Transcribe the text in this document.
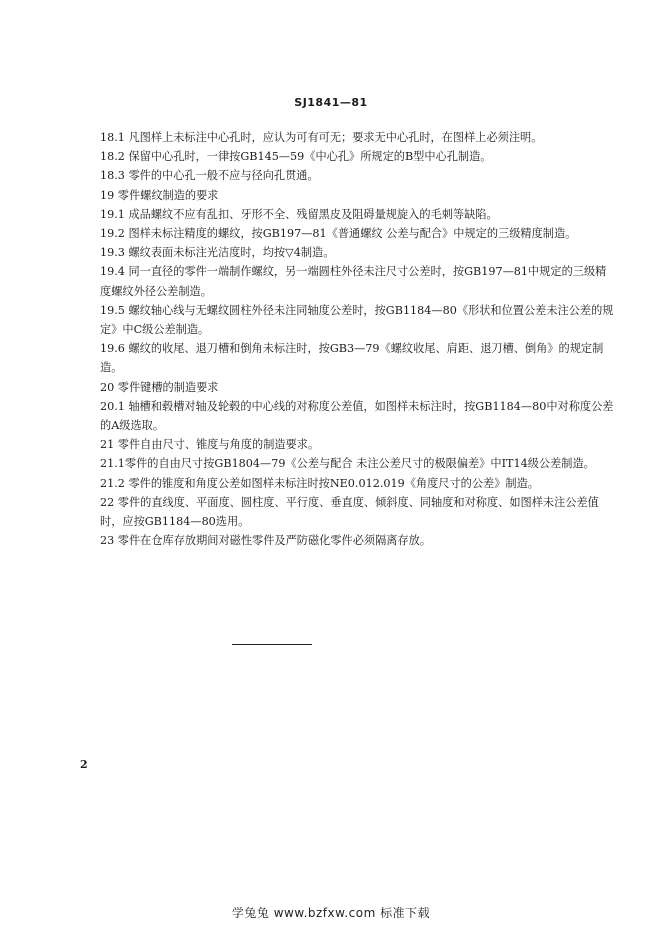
SJ1841—81

18.1 凡图样上未标注中心孔时，应认为可有可无；要求无中心孔时，在图样上必须注明。

18.2 保留中心孔时，一律按GB145—59《中心孔》所规定的B型中心孔制造。

18.3 零件的中心孔一般不应与径向孔贯通。

19 零件螺纹制造的要求

19.1 成品螺纹不应有乱扣、牙形不全、残留黑皮及阻碍量规旋入的毛刺等缺陷。

19.2 图样未标注精度的螺纹，按GB197—81《普通螺纹 公差与配合》中规定的三级精度制造。

19.3 螺纹表面未标注光洁度时，均按▽4制造。

19.4 同一直径的零件一端制作螺纹，另一端圆柱外径未注尺寸公差时，按GB197—81中规定的三级精度螺纹外径公差制造。

19.5 螺纹轴心线与无螺纹圆柱外径未注同轴度公差时，按GB1184—80《形状和位置公差未注公差的规定》中C级公差制造。

19.6 螺纹的收尾、退刀槽和倒角未标注时，按GB3—79《螺纹收尾、肩距、退刀槽、倒角》的规定制造。

20 零件键槽的制造要求

20.1 轴槽和毂槽对轴及轮毂的中心线的对称度公差值，如图样未标注时，按GB1184—80中对称度公差的A级选取。

21 零件自由尺寸、锥度与角度的制造要求。

21.1零件的自由尺寸按GB1804—79《公差与配合 未注公差尺寸的极限偏差》中IT14级公差制造。

21.2 零件的锥度和角度公差如图样未标注时按NE0.012.019《角度尺寸的公差》制造。

22 零件的直线度、平面度、圆柱度、平行度、垂直度、倾斜度、同轴度和对称度、如图样未注公差值时，应按GB1184—80选用。

23 零件在仓库存放期间对磁性零件及严防磁化零件必须隔离存放。

2
学兔兔 www.bzfxw.com 标准下载
